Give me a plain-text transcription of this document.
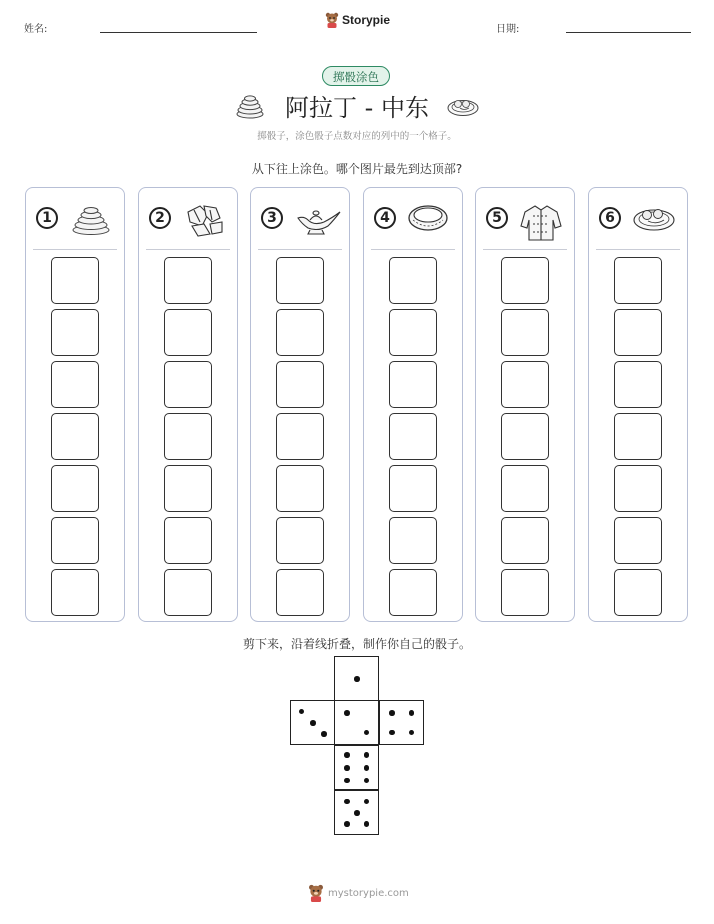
姓名:
Storypie
日期:
掷骰涂色
阿拉丁 - 中东
掷骰子，涂色骰子点数对应的列中的一个格子。
从下往上涂色。哪个图片最先到达顶部?
1	2	3	4	5	6
剪下来，沿着线折叠，制作你自己的骰子。
mystorypie.com
